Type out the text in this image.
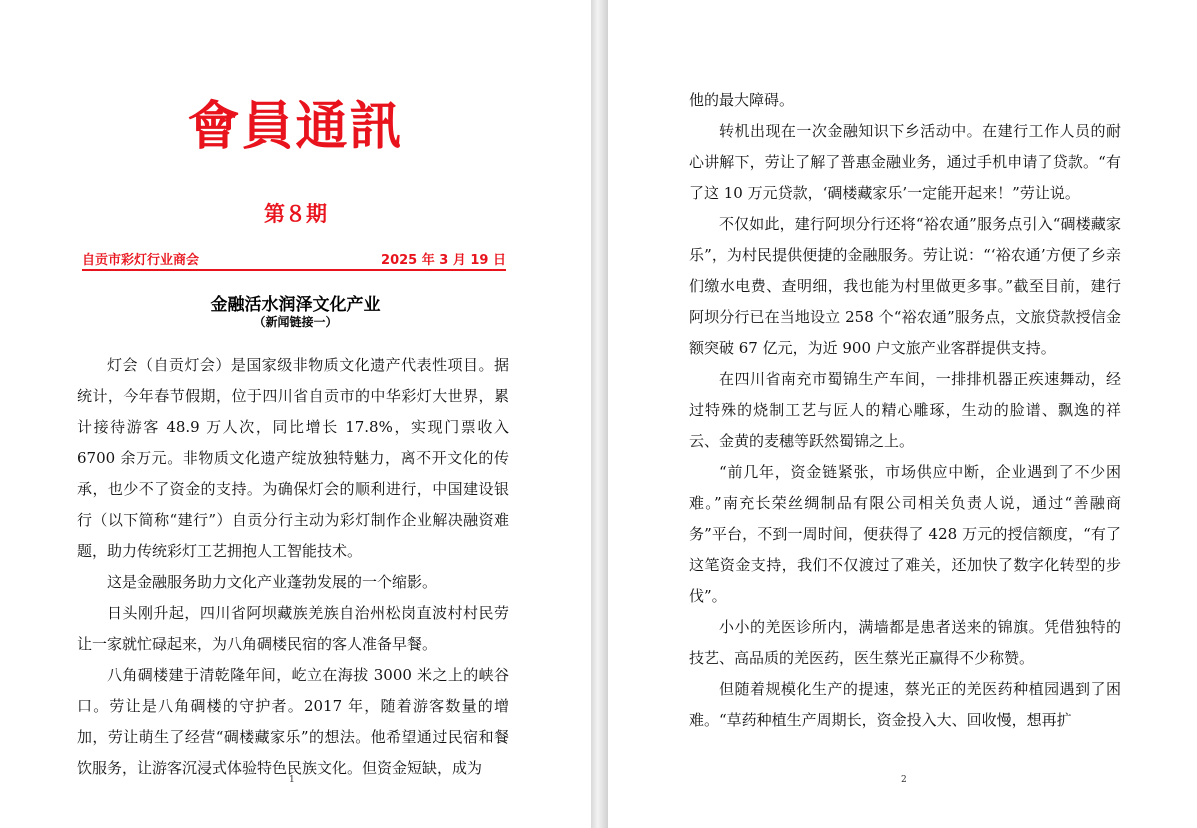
會員通訊
第８期
自贡市彩灯行业商会	2025 年 3 月 19 日
金融活水润泽文化产业
（新闻链接一）

灯会（自贡灯会）是国家级非物质文化遗产代表性项目。据统计，今年春节假期，位于四川省自贡市的中华彩灯大世界，累计接待游客 48.9 万人次，同比增长 17.8%，实现门票收入 6700 余万元。非物质文化遗产绽放独特魅力，离不开文化的传承，也少不了资金的支持。为确保灯会的顺利进行，中国建设银行（以下简称“建行”）自贡分行主动为彩灯制作企业解决融资难题，助力传统彩灯工艺拥抱人工智能技术。

这是金融服务助力文化产业蓬勃发展的一个缩影。

日头刚升起，四川省阿坝藏族羌族自治州松岗直波村村民劳让一家就忙碌起来，为八角碉楼民宿的客人准备早餐。

八角碉楼建于清乾隆年间，屹立在海拔 3000 米之上的峡谷口。劳让是八角碉楼的守护者。2017 年，随着游客数量的增加，劳让萌生了经营“碉楼藏家乐”的想法。他希望通过民宿和餐饮服务，让游客沉浸式体验特色民族文化。但资金短缺，成为

1

他的最大障碍。

转机出现在一次金融知识下乡活动中。在建行工作人员的耐心讲解下，劳让了解了普惠金融业务，通过手机申请了贷款。“有了这 10 万元贷款，‘碉楼藏家乐’一定能开起来！”劳让说。

不仅如此，建行阿坝分行还将“裕农通”服务点引入“碉楼藏家乐”，为村民提供便捷的金融服务。劳让说：“‘裕农通’方便了乡亲们缴水电费、查明细，我也能为村里做更多事。”截至目前，建行阿坝分行已在当地设立 258 个“裕农通”服务点，文旅贷款授信金额突破 67 亿元，为近 900 户文旅产业客群提供支持。

在四川省南充市蜀锦生产车间，一排排机器正疾速舞动，经过特殊的烧制工艺与匠人的精心雕琢，生动的脸谱、飘逸的祥云、金黄的麦穗等跃然蜀锦之上。

“前几年，资金链紧张，市场供应中断，企业遇到了不少困难。”南充长荣丝绸制品有限公司相关负责人说，通过“善融商务”平台，不到一周时间，便获得了 428 万元的授信额度，“有了这笔资金支持，我们不仅渡过了难关，还加快了数字化转型的步伐”。

小小的羌医诊所内，满墙都是患者送来的锦旗。凭借独特的技艺、高品质的羌医药，医生蔡光正赢得不少称赞。

但随着规模化生产的提速，蔡光正的羌医药种植园遇到了困难。“草药种植生产周期长，资金投入大、回收慢，想再扩

2
